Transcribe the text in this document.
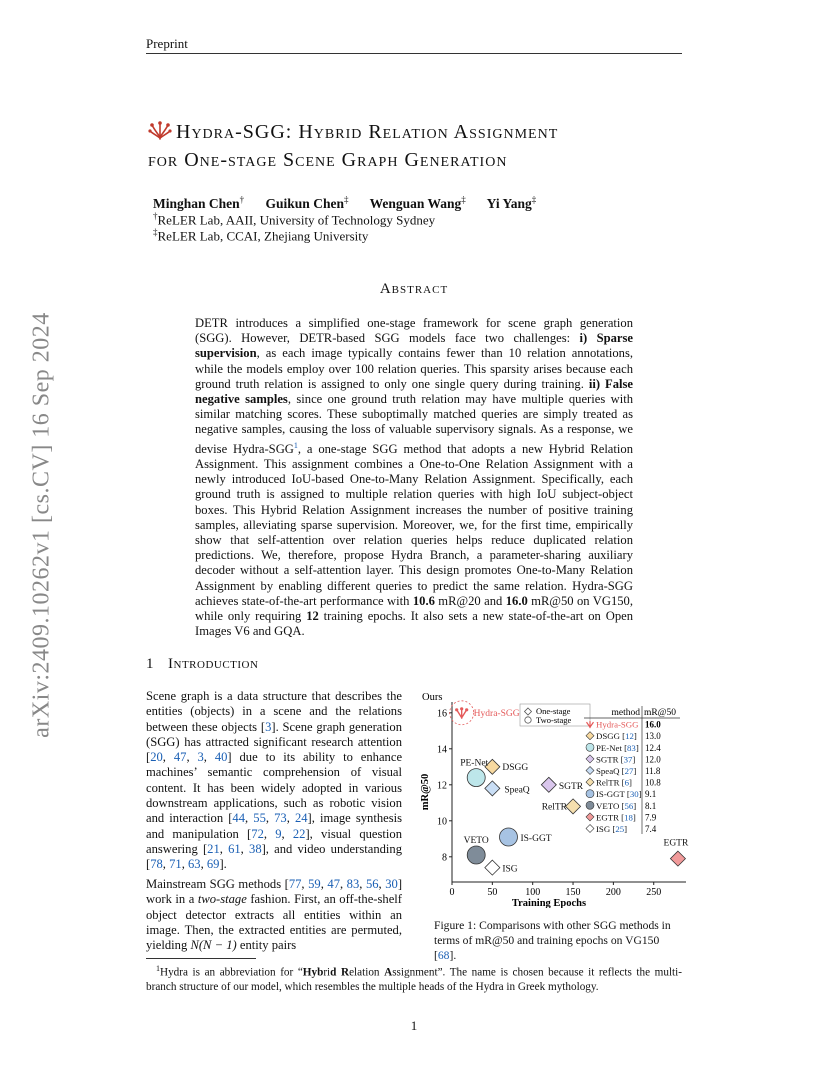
Preprint
arXiv:2409.10262v1 [cs.CV] 16 Sep 2024
Hydra-SGG: Hybrid Relation Assignment
for One-stage Scene Graph Generation
Minghan Chen† Guikun Chen‡ Wenguan Wang‡ Yi Yang‡
†ReLER Lab, AAII, University of Technology Sydney
‡ReLER Lab, CCAI, Zhejiang University
Abstract
DETR introduces a simplified one-stage framework for scene graph generation (SGG). However, DETR-based SGG models face two challenges: i) Sparse supervision, as each image typically contains fewer than 10 relation annotations, while the models employ over 100 relation queries. This sparsity arises because each ground truth relation is assigned to only one single query during training. ii) False negative samples, since one ground truth relation may have multiple queries with similar matching scores. These suboptimally matched queries are simply treated as negative samples, causing the loss of valuable supervisory signals. As a response, we devise Hydra-SGG$^1$, a one-stage SGG method that adopts a new Hybrid Relation Assignment. This assignment combines a One-to-One Relation Assignment with a newly introduced IoU-based One-to-Many Relation Assignment. Specifically, each ground truth is assigned to multiple relation queries with high IoU subject-object boxes. This Hybrid Relation Assignment increases the number of positive training samples, alleviating sparse supervision. Moreover, we, for the first time, empirically show that self-attention over relation queries helps reduce duplicated relation predictions. We, therefore, propose Hydra Branch, a parameter-sharing auxiliary decoder without a self-attention layer. This design promotes One-to-Many Relation Assignment by enabling different queries to predict the same relation. Hydra-SGG achieves state-of-the-art performance with 10.6 mR@20 and 16.0 mR@50 on VG150, while only requiring 12 training epochs. It also sets a new state-of-the-art on Open Images V6 and GQA.
1 Introduction
Scene graph is a data structure that describes the entities (objects) in a scene and the relations between these objects [3]. Scene graph generation (SGG) has attracted significant research attention [20, 47, 3, 40] due to its ability to enhance machines’ semantic comprehension of visual content. It has been widely adopted in various downstream applications, such as robotic vision and interaction [44, 55, 73, 24], image synthesis and manipulation [72, 9, 22], visual question answering [21, 61, 38], and video understanding [78, 71, 63, 69].
Mainstream SGG methods [77, 59, 47, 83, 56, 30] work in a two-stage fashion. First, an off-the-shelf object detector extracts all entities within an image. Then, the extracted entities are permuted, yielding N(N − 1) entity pairs
0	50	100	150	200	250
8
10
12
14
16
Training Epochs
mR@50
Ours
One-stage
Two-stage
method mR@50
Hydra-SGG 16.0
DSGG [12] 13.0
PE-Net [83] 12.4
SGTR [37] 12.0
SpeaQ [27] 11.8
RelTR [6] 10.8
IS-GGT [30] 9.1
VETO [56] 8.1
EGTR [18] 7.9
ISG [25] 7.4
Hydra-SGG
DSGG
PE-Net
SGTR
SpeaQ
RelTR
IS-GGT
VETO	EGTR
ISG
Figure 1: Comparisons with other SGG methods in terms of mR@50 and training epochs on VG150 [68].
$^1$Hydra is an abbreviation for “Hybrid Relation Assignment”. The name is chosen because it reflects the multi-branch structure of our model, which resembles the multiple heads of the Hydra in Greek mythology.
1
